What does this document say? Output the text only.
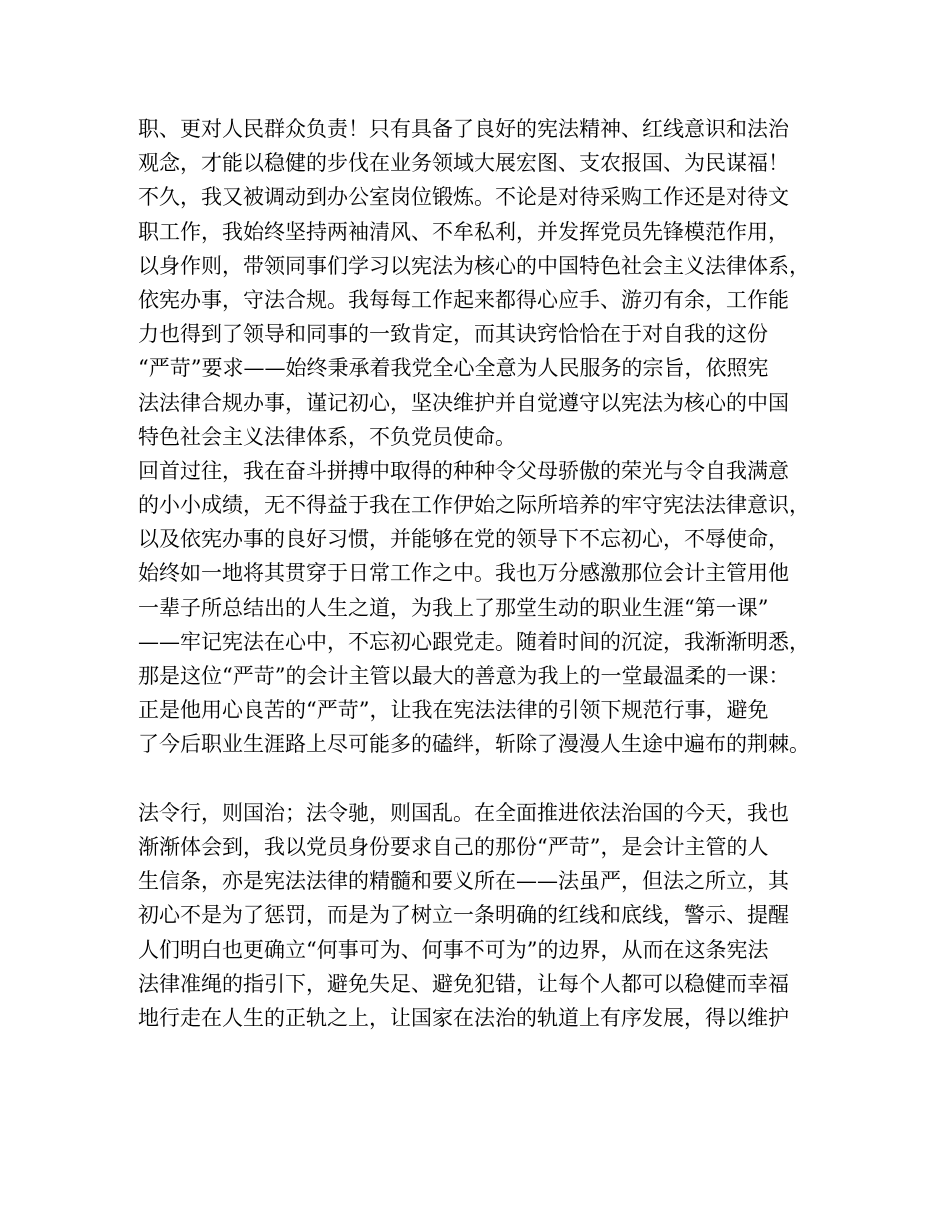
职、更对人民群众负责！只有具备了良好的宪法精神、红线意识和法治
观念，才能以稳健的步伐在业务领域大展宏图、支农报国、为民谋福！
不久，我又被调动到办公室岗位锻炼。不论是对待采购工作还是对待文
职工作，我始终坚持两袖清风、不牟私利，并发挥党员先锋模范作用，
以身作则，带领同事们学习以宪法为核心的中国特色社会主义法律体系，
依宪办事，守法合规。我每每工作起来都得心应手、游刃有余，工作能
力也得到了领导和同事的一致肯定，而其诀窍恰恰在于对自我的这份
“严苛”要求——始终秉承着我党全心全意为人民服务的宗旨，依照宪
法法律合规办事，谨记初心，坚决维护并自觉遵守以宪法为核心的中国
特色社会主义法律体系，不负党员使命。
回首过往，我在奋斗拼搏中取得的种种令父母骄傲的荣光与令自我满意
的小小成绩，无不得益于我在工作伊始之际所培养的牢守宪法法律意识，
以及依宪办事的良好习惯，并能够在党的领导下不忘初心，不辱使命，
始终如一地将其贯穿于日常工作之中。我也万分感激那位会计主管用他
一辈子所总结出的人生之道，为我上了那堂生动的职业生涯“第一课”
——牢记宪法在心中，不忘初心跟党走。随着时间的沉淀，我渐渐明悉，
那是这位“严苛”的会计主管以最大的善意为我上的一堂最温柔的一课：
正是他用心良苦的“严苛”，让我在宪法法律的引领下规范行事，避免
了今后职业生涯路上尽可能多的磕绊，斩除了漫漫人生途中遍布的荆棘。
法令行，则国治；法令驰，则国乱。在全面推进依法治国的今天，我也
渐渐体会到，我以党员身份要求自己的那份“严苛”，是会计主管的人
生信条，亦是宪法法律的精髓和要义所在——法虽严，但法之所立，其
初心不是为了惩罚，而是为了树立一条明确的红线和底线，警示、提醒
人们明白也更确立“何事可为、何事不可为”的边界，从而在这条宪法
法律准绳的指引下，避免失足、避免犯错，让每个人都可以稳健而幸福
地行走在人生的正轨之上，让国家在法治的轨道上有序发展，得以维护
